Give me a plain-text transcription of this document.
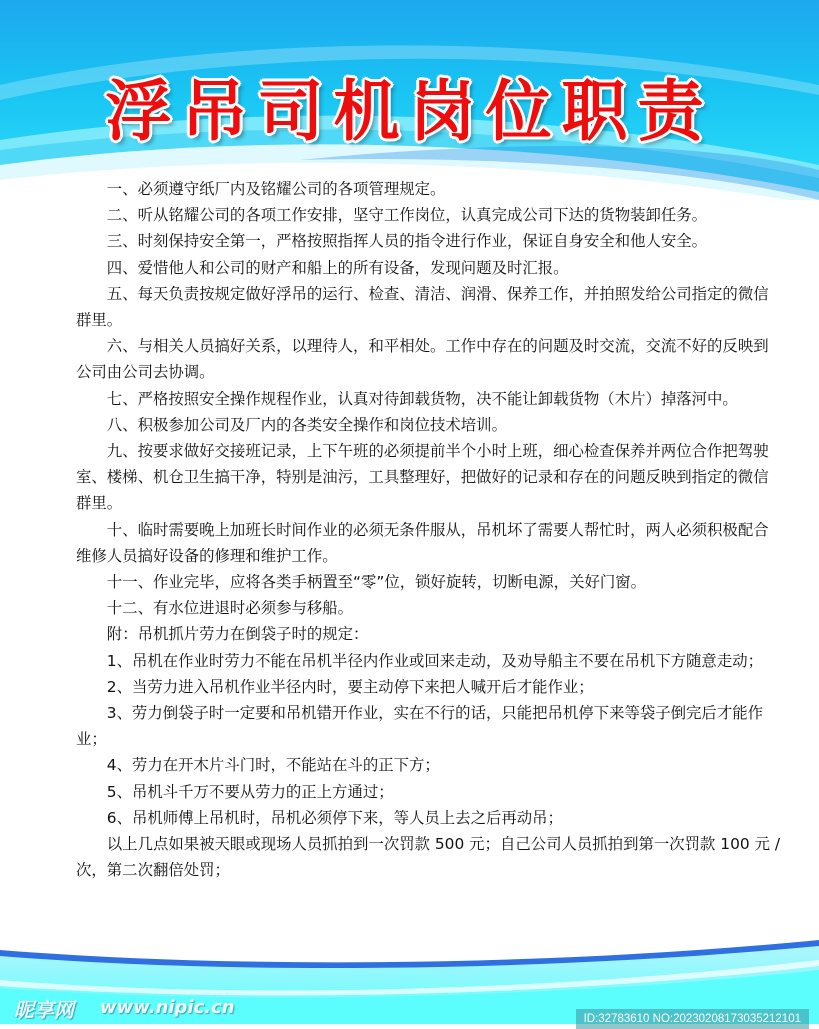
浮吊司机岗位职责

一、必须遵守纸厂内及铭耀公司的各项管理规定。

二、听从铭耀公司的各项工作安排，坚守工作岗位，认真完成公司下达的货物装卸任务。

三、时刻保持安全第一，严格按照指挥人员的指令进行作业，保证自身安全和他人安全。

四、爱惜他人和公司的财产和船上的所有设备，发现问题及时汇报。

五、每天负责按规定做好浮吊的运行、检查、清洁、润滑、保养工作，并拍照发给公司指定的微信群里。

六、与相关人员搞好关系，以理待人，和平相处。工作中存在的问题及时交流，交流不好的反映到公司由公司去协调。

七、严格按照安全操作规程作业，认真对待卸载货物，决不能让卸载货物（木片）掉落河中。

八、积极参加公司及厂内的各类安全操作和岗位技术培训。

九、按要求做好交接班记录，上下午班的必须提前半个小时上班，细心检查保养并两位合作把驾驶室、楼梯、机仓卫生搞干净，特别是油污，工具整理好，把做好的记录和存在的问题反映到指定的微信群里。

十、临时需要晚上加班长时间作业的必须无条件服从，吊机坏了需要人帮忙时，两人必须积极配合维修人员搞好设备的修理和维护工作。

十一、作业完毕，应将各类手柄置至“零”位，锁好旋转，切断电源，关好门窗。

十二、有水位进退时必须参与移船。

附：吊机抓片劳力在倒袋子时的规定：

1、吊机在作业时劳力不能在吊机半径内作业或回来走动，及劝导船主不要在吊机下方随意走动；

2、当劳力进入吊机作业半径内时，要主动停下来把人喊开后才能作业；

3、劳力倒袋子时一定要和吊机错开作业，实在不行的话，只能把吊机停下来等袋子倒完后才能作业；

4、劳力在开木片斗门时，不能站在斗的正下方；

5、吊机斗千万不要从劳力的正上方通过；

6、吊机师傅上吊机时，吊机必须停下来，等人员上去之后再动吊；

以上几点如果被天眼或现场人员抓拍到一次罚款 500 元；自己公司人员抓拍到第一次罚款 100 元 / 次，第二次翻倍处罚；

昵享网 www.nipic.cn
ID:32783610 NO:20230208173035212101
